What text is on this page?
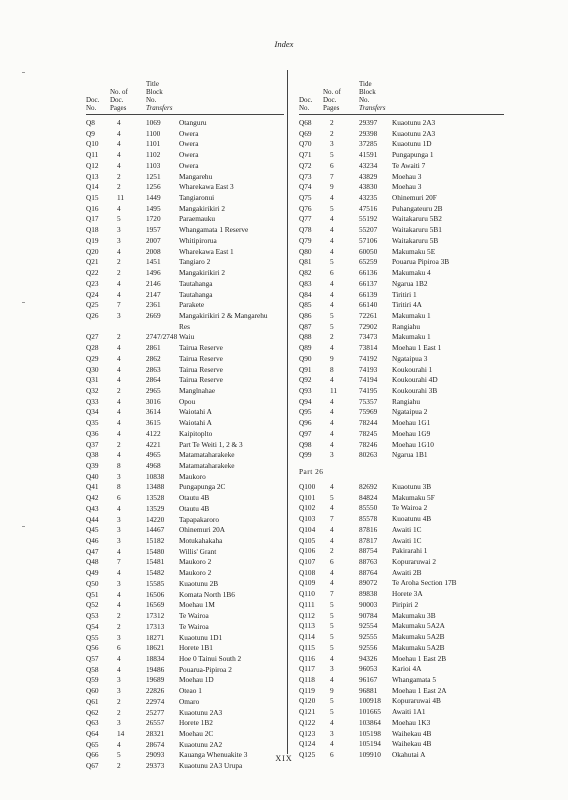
Index
Doc.
No.
No. of
Doc.
Pages
Title
Block
No.
Transfers
Q8	4	1069	Otanguru
Q9	4	1100	Owera
Q10	4	1101	Owera
Q11	4	1102	Owera
Q12	4	1103	Owera
Q13	2	1251	Mangarehu
Q14	2	1256	Wharekawa East 3
Q15	11	1449	Tangiaronui
Q16	4	1495	Mangakirikiri 2
Q17	5	1720	Paraemauku
Q18	3	1957	Whangamata 1 Reserve
Q19	3	2007	Whitipirorua
Q20	4	2008	Wharekawa East 1
Q21	2	1451	Tangiaro 2
Q22	2	1496	Mangakirikiri 2
Q23	4	2146	Tautahanga
Q24	4	2147	Tautahanga
Q25	7	2361	Parakete
Q26	3	2669	Mangakirikiri 2 & Mangarehu
Res
Q27	2	2747/2748 Waiu
Q28	4	2861	Tairua Reserve
Q29	4	2862	Tairua Reserve
Q30	4	2863	Tairua Reserve
Q31	4	2864	Tairua Reserve
Q32	2	2965	Manglnahae
Q33	4	3016	Opou
Q34	4	3614	Waiotahi A
Q35	4	3615	Waiotahi A
Q36	4	4122	Kaipitoplto
Q37	2	4221	Part Te Weiti 1, 2 & 3
Q38	4	4965	Matamataharakeke
Q39	8	4968	Matamataharakeke
Q40	3	10838 Maukoro
Q41	8	13488 Pungapunga 2C
Q42	6	13528 Otautu 4B
Q43	4	13529 Otautu 4B
Q44	3	14220 Tapapakaroro
Q45	3	14467 Ohinemuri 20A
Q46	3	15182 Motukahakaha
Q47	4	15480 Willis' Grant
Q48	7	15481 Maukoro 2
Q49	4	15482 Maukoro 2
Q50	3	15585 Kuaotunu 2B
Q51	4	16506 Komata North 1B6
Q52	4	16569 Moehau 1M
Q53	2	17312 Te Wairoa
Q54	2	17313 Te Wairoa
Q55	3	18271 Kuaotunu 1D1
Q56	6	18621 Horete 1B1
Q57	4	18834 Hoe 0 Tainui South 2
Q58	4	19486 Pouarua-Pipiroa 2
Q59	3	19689 Moehau 1D
Q60	3	22826 Oteao 1
Q61	2	22974 Omaro
Q62	2	25277 Kuaotunu 2A3
Q63	3	26557 Horete 1B2
Q64	14	28321 Moehau 2C
Q65	4	28674 Kuaotunu 2A2
Q66	5	29093 Kauanga Whenuakite 3
Q67	2	29373 Kuaotunu 2A3 Urupa
Doc.
No.
No. of
Doc.
Pages
Tide
Block
No.
Transfers
Q68	2	29397 Kuaotunu 2A3
Q69	2	29398 Kuaotunu 2A3
Q70	3	37285 Kuaotunu 1D
Q71	5	41591 Pungapunga 1
Q72	6	43234 Te Awaiti 7
Q73	7	43829 Moehau 3
Q74	9	43830 Moehau 3
Q75	4	43235 Ohinemuri 20F
Q76	5	47516 Puhangateuru 2B
Q77	4	55192 Waitakaruru 5B2
Q78	4	55207 Waitakaruru 5B1
Q79	4	57106 Waitakaruru 5B
Q80	4	60050 Makumaku 5E
Q81	5	65259 Pouarua Pipiroa 3B
Q82	6	66136 Makumaku 4
Q83	4	66137 Ngarua 1B2
Q84	4	66139 Tiritiri 1
Q85	4	66140 Tiritiri 4A
Q86	5	72261 Makumaku 1
Q87	5	72902 Rangiahu
Q88	2	73473 Makumaku 1
Q89	4	73814 Moehau 1 East 1
Q90	9	74192 Ngataipua 3
Q91	8	74193 Koukourahi 1
Q92	4	74194 Koukourahi 4D
Q93	11	74195 Koukourahi 3B
Q94	4	75357 Rangiahu
Q95	4	75969 Ngataipua 2
Q96	4	78244 Moehau 1G1
Q97	4	78245 Moehau 1G9
Q98	4	78246 Moehau 1G10
Q99	3	80263 Ngarua 1B1
Part 26
Q100 4	82692 Kuaotunu 3B
Q101 5	84824 Makumaku 5F
Q102 4	85550 Te Wairoa 2
Q103 7	85578 Kuoatunu 4B
Q104 4	87816 Awaiti 1C
Q105 4	87817 Awaiti 1C
Q106 2	88754 Pakirarahi 1
Q107 6	88763 Kopuraruwai 2
Q108 4	88764 Awaiti 2B
Q109 4	89072 Te Aroha Section 17B
Q110 7	89838 Horete 3A
Q111 5	90003 Piripiri 2
Q112 5	90784 Makumaku 3B
Q113 5	92554 Makumaku 5A2A
Q114 5	92555 Makumaku 5A2B
Q115 5	92556 Makumaku 5A2B
Q116 4	94326 Moehau 1 East 2B
Q117 3	96053 Karioi 4A
Q118 4	96167 Whangamata 5
Q119 9	96881 Moehau 1 East 2A
Q120 5	100918 Kopuraruwai 4B
Q121 5	101665 Awaiti 1A1
Q122 4	103864 Moehau 1K3
Q123 3	105198 Waihekau 4B
Q124 4	105194 Waihekau 4B
Q125 6	109910 Okahutai A
XIX
